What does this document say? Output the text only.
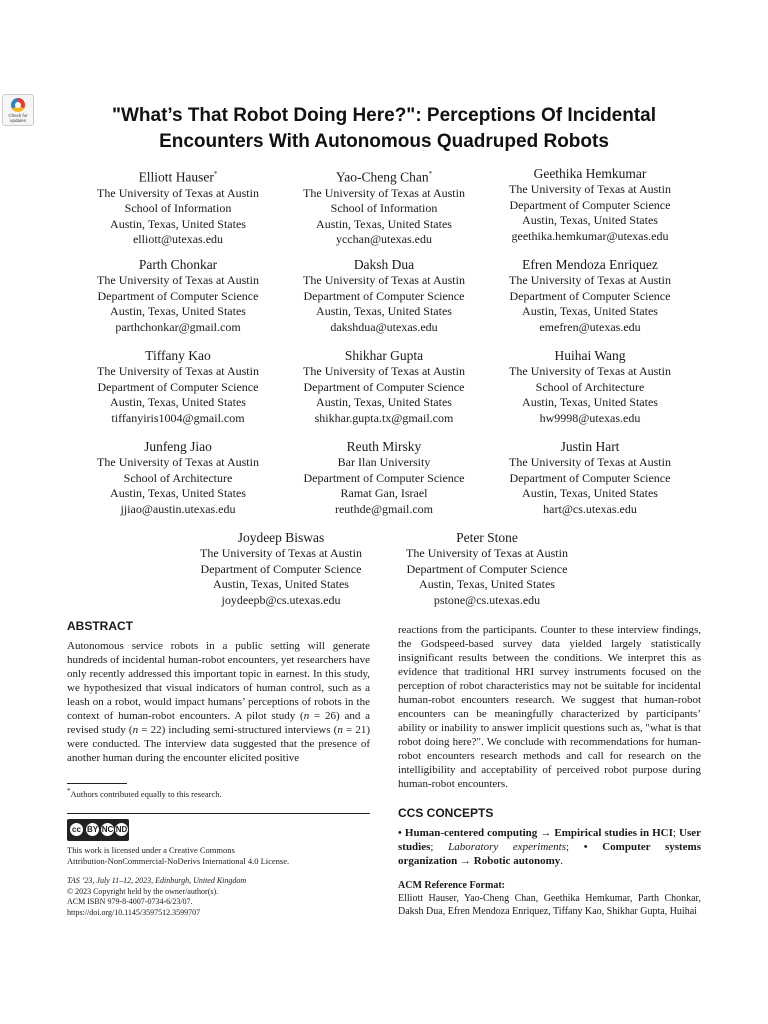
Check for updates	"What’s That Robot Doing Here?": Perceptions Of Incidental
Encounters With Autonomous Quadruped Robots
Elliott Hauser*
The University of Texas at Austin
School of Information
Austin, Texas, United States
elliott@utexas.edu
Yao-Cheng Chan*
The University of Texas at Austin
School of Information
Austin, Texas, United States
ycchan@utexas.edu
Geethika Hemkumar
The University of Texas at Austin
Department of Computer Science
Austin, Texas, United States
geethika.hemkumar@utexas.edu
Parth Chonkar
The University of Texas at Austin
Department of Computer Science
Austin, Texas, United States
parthchonkar@gmail.com
Daksh Dua
The University of Texas at Austin
Department of Computer Science
Austin, Texas, United States
dakshdua@utexas.edu
Efren Mendoza Enriquez
The University of Texas at Austin
Department of Computer Science
Austin, Texas, United States
emefren@utexas.edu
Tiffany Kao
The University of Texas at Austin
Department of Computer Science
Austin, Texas, United States
tiffanyiris1004@gmail.com
Shikhar Gupta
The University of Texas at Austin
Department of Computer Science
Austin, Texas, United States
shikhar.gupta.tx@gmail.com
Huihai Wang
The University of Texas at Austin
School of Architecture
Austin, Texas, United States
hw9998@utexas.edu
Junfeng Jiao
The University of Texas at Austin
School of Architecture
Austin, Texas, United States
jjiao@austin.utexas.edu
Reuth Mirsky
Bar Ilan University
Department of Computer Science
Ramat Gan, Israel
reuthde@gmail.com
Justin Hart
The University of Texas at Austin
Department of Computer Science
Austin, Texas, United States
hart@cs.utexas.edu
Joydeep Biswas
The University of Texas at Austin
Department of Computer Science
Austin, Texas, United States
joydeepb@cs.utexas.edu
Peter Stone
The University of Texas at Austin
Department of Computer Science
Austin, Texas, United States
pstone@cs.utexas.edu
ABSTRACT
Autonomous service robots in a public setting will generate hundreds of incidental human-robot encounters, yet researchers have only recently addressed this important topic in earnest. In this study, we hypothesized that visual indicators of human control, such as a leash on a robot, would impact humans’ perceptions of robots in the context of human-robot encounters. A pilot study (n = 26) and a revised study (n = 22) including semi-structured interviews (n = 21) were conducted. The interview data suggested that the presence of another human during the encounter elicited positive
*Authors contributed equally to this research.
cc BY NC ND
This work is licensed under a Creative Commons
Attribution-NonCommercial-NoDerivs International 4.0 License.
TAS ’23, July 11–12, 2023, Edinburgh, United Kingdom
© 2023 Copyright held by the owner/author(s).
ACM ISBN 979-8-4007-0734-6/23/07.
https://doi.org/10.1145/3597512.3599707
reactions from the participants. Counter to these interview findings, the Godspeed-based survey data yielded largely statistically insignificant results between the conditions. We interpret this as evidence that traditional HRI survey instruments focused on the perception of robot characteristics may not be suitable for incidental human-robot encounters research. We suggest that human-robot encounters can be meaningfully characterized by participants’ ability or inability to answer implicit questions such as, "what is that robot doing here?". We conclude with recommendations for human-robot encounters research methods and call for research on the intelligibility and acceptability of perceived robot purpose during human-robot encounters.
CCS CONCEPTS
• Human-centered computing → Empirical studies in HCI; User studies; Laboratory experiments; • Computer systems organization → Robotic autonomy.
ACM Reference Format:
Elliott Hauser, Yao-Cheng Chan, Geethika Hemkumar, Parth Chonkar, Daksh Dua, Efren Mendoza Enriquez, Tiffany Kao, Shikhar Gupta, Huihai
